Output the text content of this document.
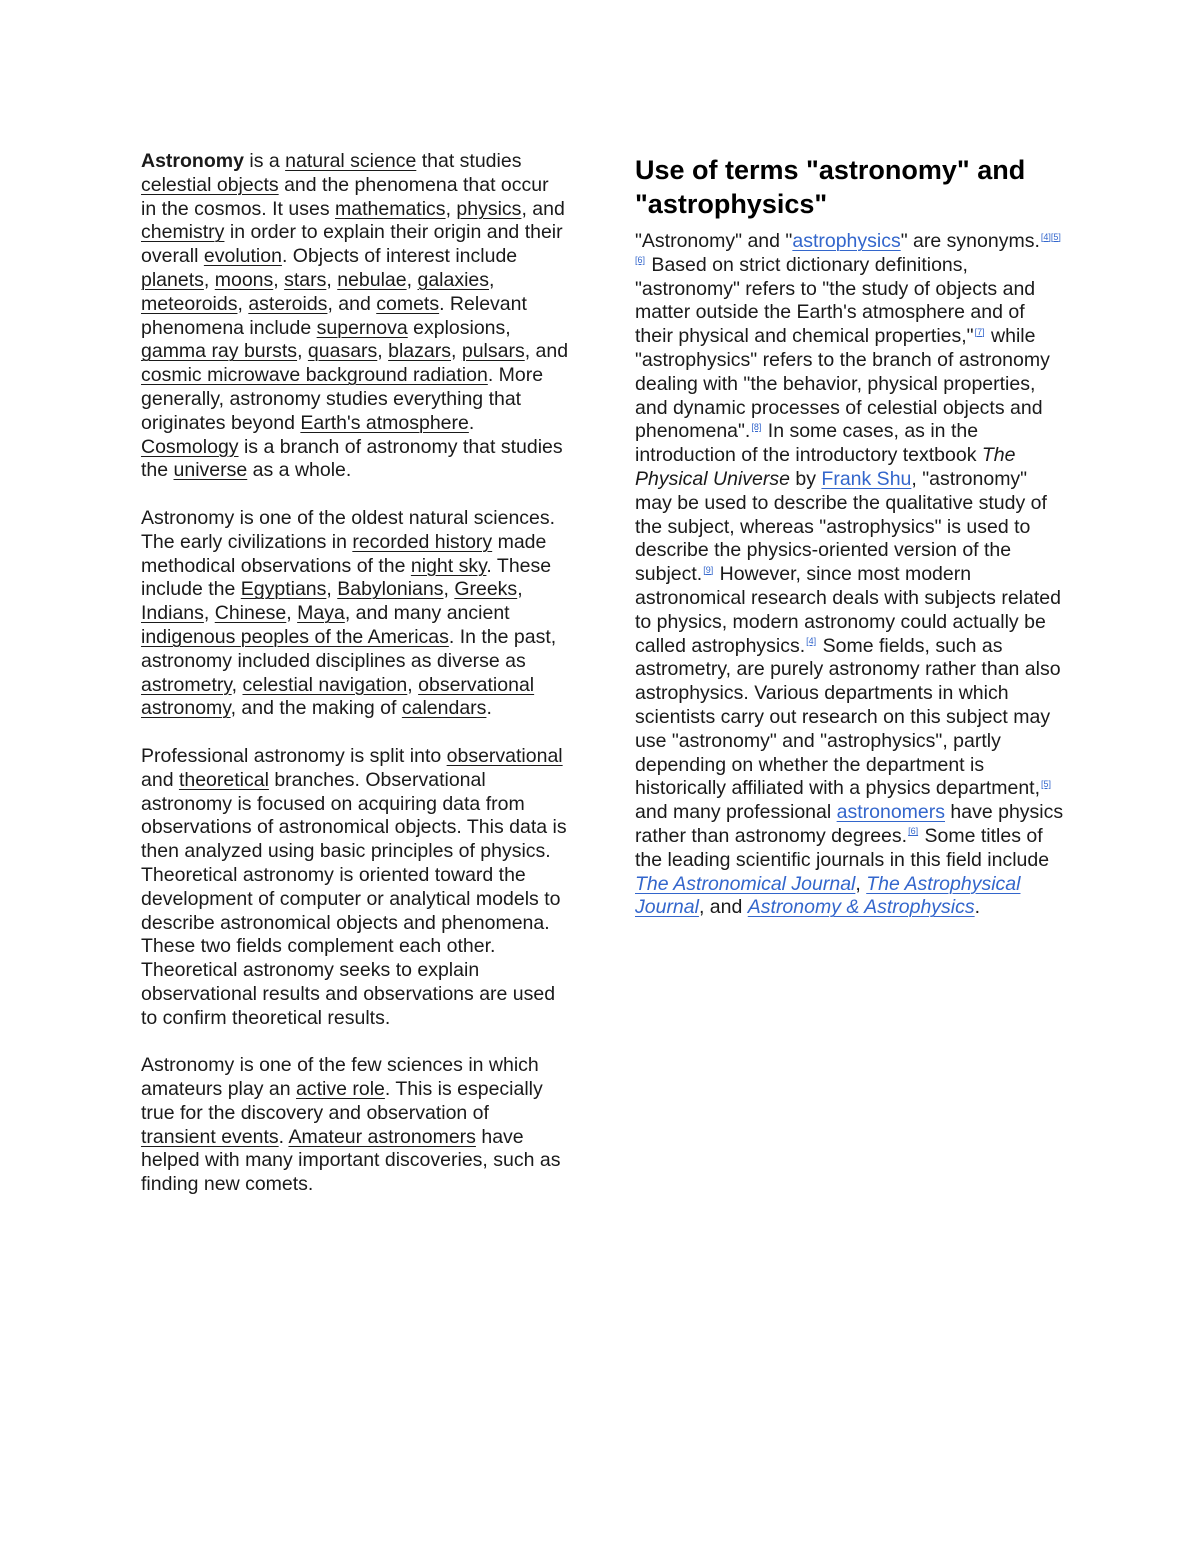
Astronomy is a natural science that studies celestial objects and the phenomena that occur in the cosmos. It uses mathematics, physics, and chemistry in order to explain their origin and their overall evolution. Objects of interest include planets, moons, stars, nebulae, galaxies, meteoroids, asteroids, and comets. Relevant phenomena include supernova explosions, gamma ray bursts, quasars, blazars, pulsars, and cosmic microwave background radiation. More generally, astronomy studies everything that originates beyond Earth's atmosphere. Cosmology is a branch of astronomy that studies the universe as a whole.

Astronomy is one of the oldest natural sciences. The early civilizations in recorded history made methodical observations of the night sky. These include the Egyptians, Babylonians, Greeks, Indians, Chinese, Maya, and many ancient indigenous peoples of the Americas. In the past, astronomy included disciplines as diverse as astrometry, celestial navigation, observational astronomy, and the making of calendars.

Professional astronomy is split into observational and theoretical branches. Observational astronomy is focused on acquiring data from observations of astronomical objects. This data is then analyzed using basic principles of physics. Theoretical astronomy is oriented toward the development of computer or analytical models to describe astronomical objects and phenomena. These two fields complement each other. Theoretical astronomy seeks to explain observational results and observations are used to confirm theoretical results.

Astronomy is one of the few sciences in which amateurs play an active role. This is especially true for the discovery and observation of transient events. Amateur astronomers have helped with many important discoveries, such as finding new comets.

Use of terms "astronomy" and "astrophysics"

"Astronomy" and "astrophysics" are synonyms.[4][5][6] Based on strict dictionary definitions, "astronomy" refers to "the study of objects and matter outside the Earth's atmosphere and of their physical and chemical properties,"[7] while "astrophysics" refers to the branch of astronomy dealing with "the behavior, physical properties, and dynamic processes of celestial objects and phenomena".[8] In some cases, as in the introduction of the introductory textbook The Physical Universe by Frank Shu, "astronomy" may be used to describe the qualitative study of the subject, whereas "astrophysics" is used to describe the physics-oriented version of the subject.[9] However, since most modern astronomical research deals with subjects related to physics, modern astronomy could actually be called astrophysics.[4] Some fields, such as astrometry, are purely astronomy rather than also astrophysics. Various departments in which scientists carry out research on this subject may use "astronomy" and "astrophysics", partly depending on whether the department is historically affiliated with a physics department,[5] and many professional astronomers have physics rather than astronomy degrees.[6] Some titles of the leading scientific journals in this field include The Astronomical Journal, The Astrophysical Journal, and Astronomy & Astrophysics.
